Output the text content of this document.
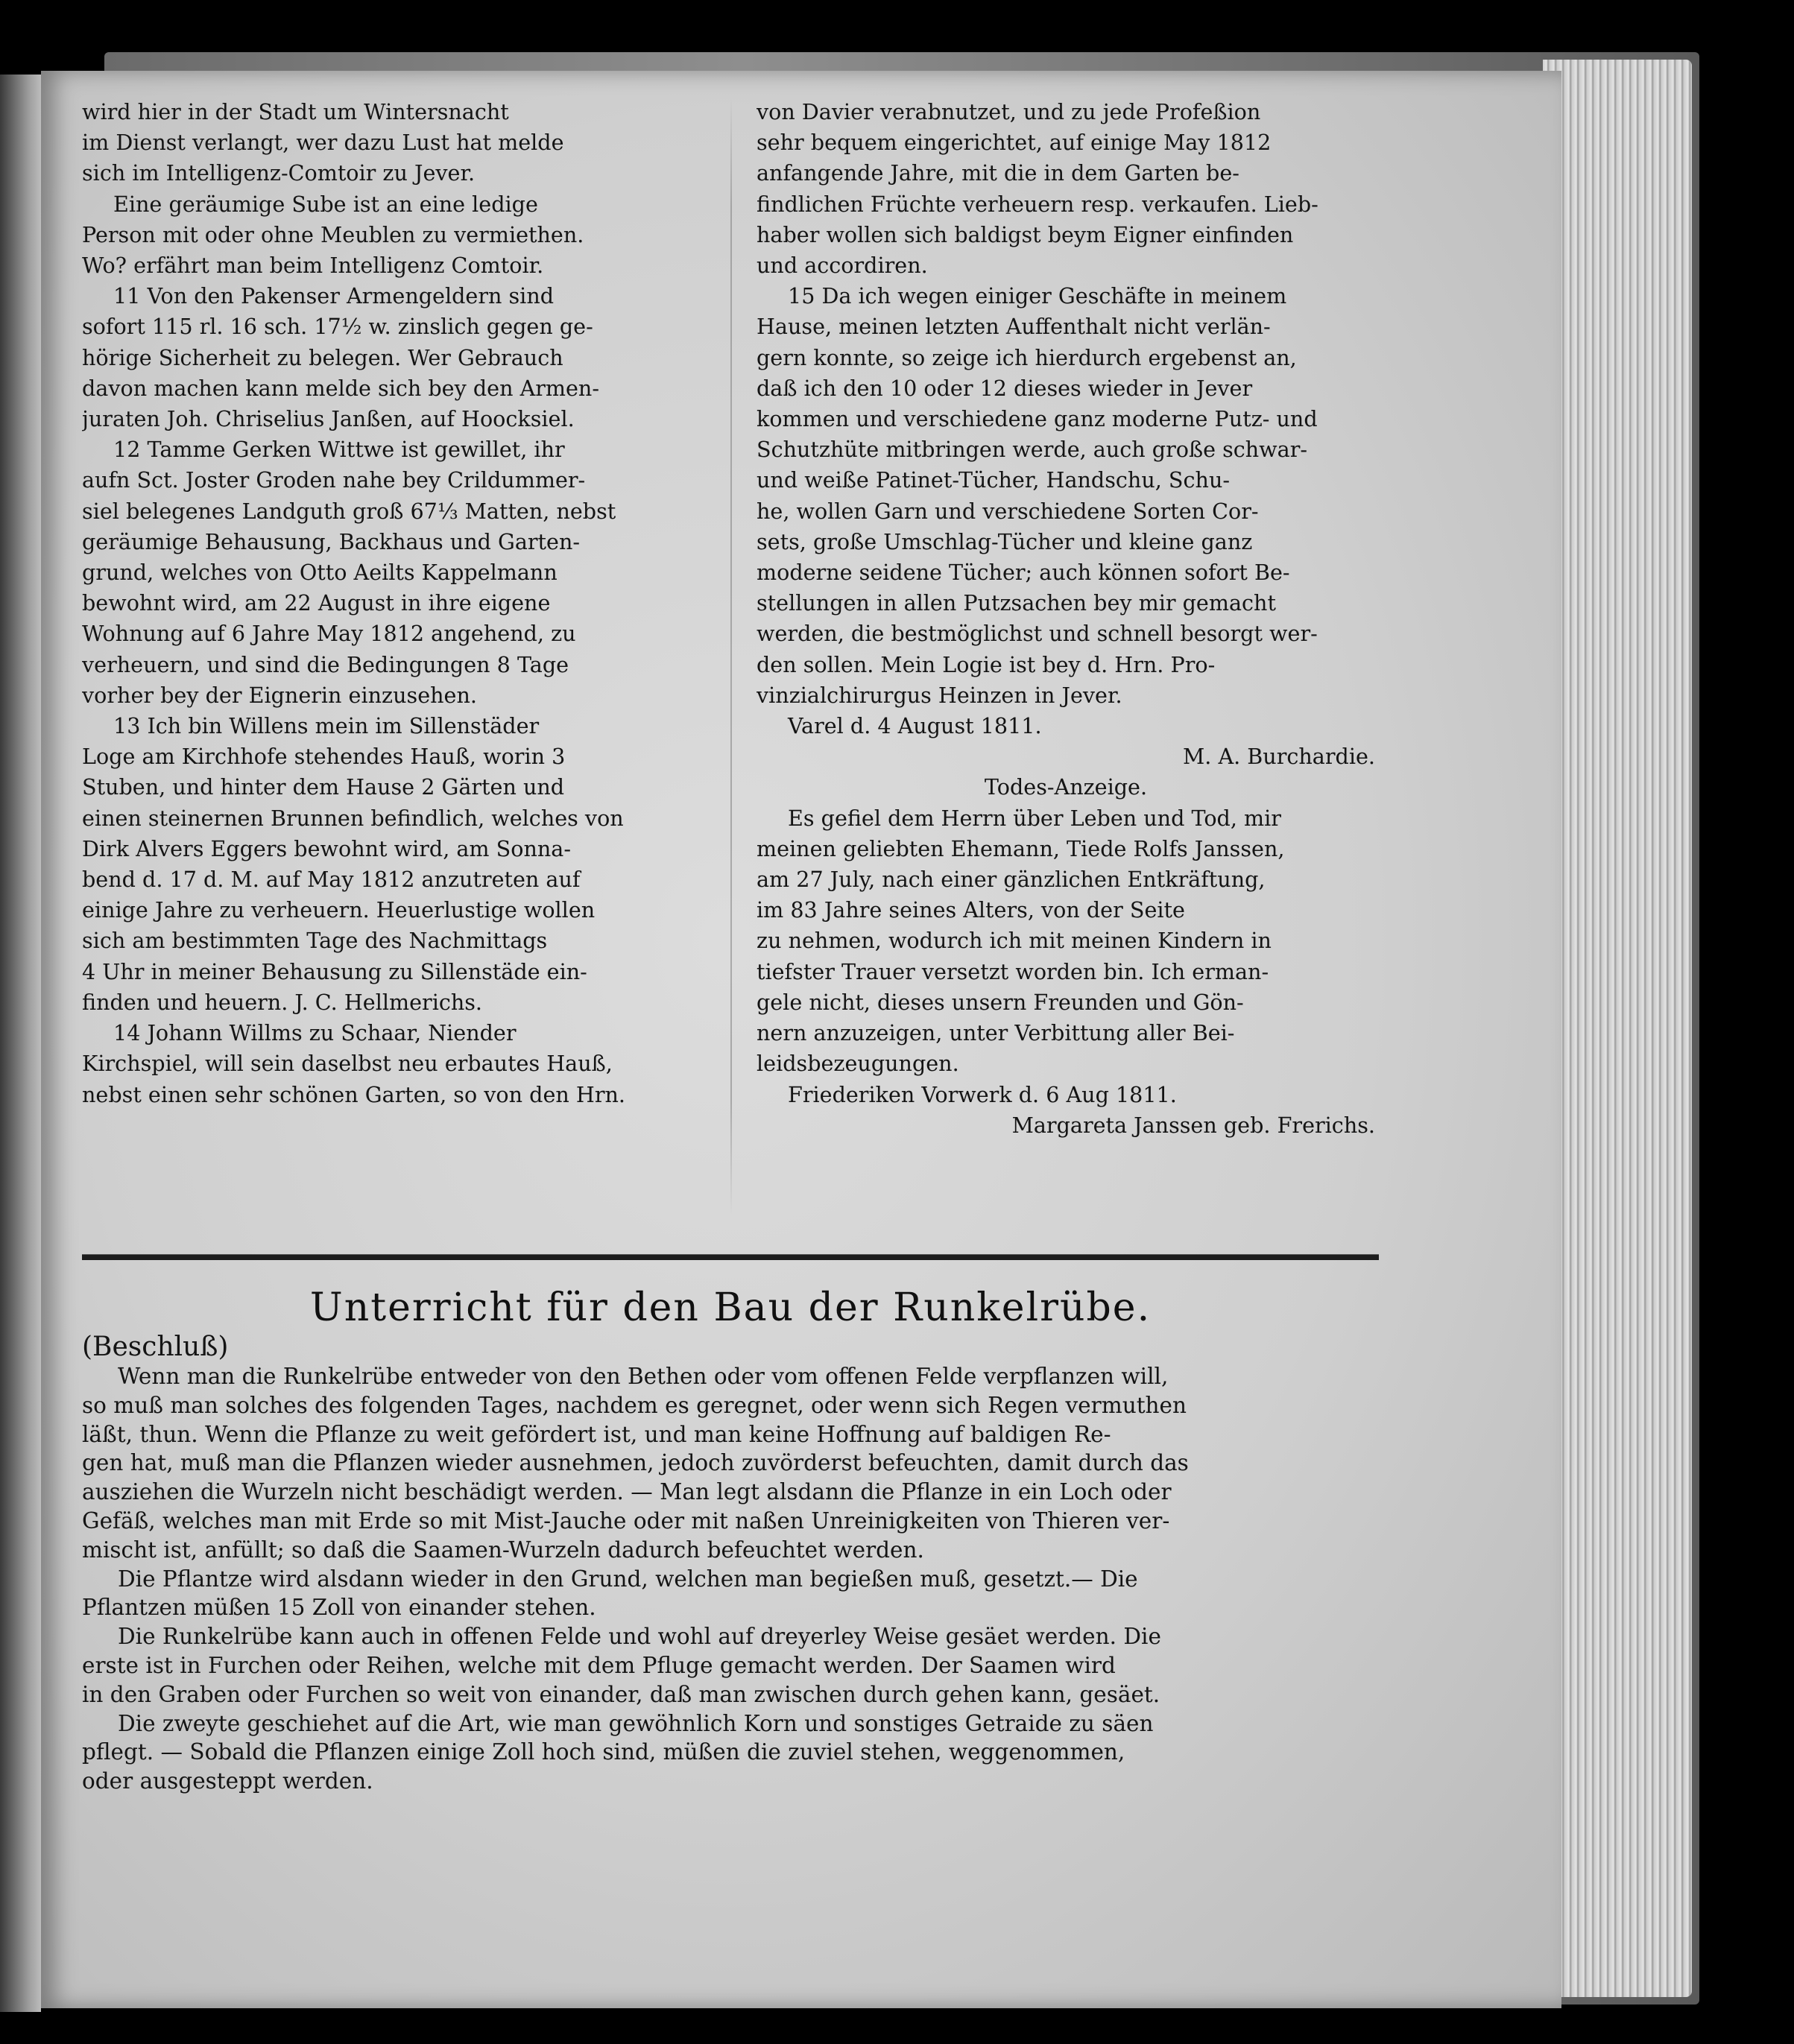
wird hier in der Stadt um Wintersnacht
im Dienst verlangt, wer dazu Lust hat melde
sich im Intelligenz-Comtoir zu Jever.
Eine geräumige Sube ist an eine ledige
Person mit oder ohne Meublen zu vermiethen.
Wo? erfährt man beim Intelligenz Comtoir.
11 Von den Pakenser Armengeldern sind
sofort 115 rl. 16 sch. 17½ w. zinslich gegen ge-
hörige Sicherheit zu belegen. Wer Gebrauch
davon machen kann melde sich bey den Armen-
juraten Joh. Chriselius Janßen, auf Hoocksiel.
12 Tamme Gerken Wittwe ist gewillet, ihr
aufn Sct. Joster Groden nahe bey Crildummer-
siel belegenes Landguth groß 67⅓ Matten, nebst
geräumige Behausung, Backhaus und Garten-
grund, welches von Otto Aeilts Kappelmann
bewohnt wird, am 22 August in ihre eigene
Wohnung auf 6 Jahre May 1812 angehend, zu
verheuern, und sind die Bedingungen 8 Tage
vorher bey der Eignerin einzusehen.
13 Ich bin Willens mein im Sillenstäder
Loge am Kirchhofe stehendes Hauß, worin 3
Stuben, und hinter dem Hause 2 Gärten und
einen steinernen Brunnen befindlich, welches von
Dirk Alvers Eggers bewohnt wird, am Sonna-
bend d. 17 d. M. auf May 1812 anzutreten auf
einige Jahre zu verheuern. Heuerlustige wollen
sich am bestimmten Tage des Nachmittags
4 Uhr in meiner Behausung zu Sillenstäde ein-
finden und heuern. J. C. Hellmerichs.
14 Johann Willms zu Schaar, Niender
Kirchspiel, will sein daselbst neu erbautes Hauß,
nebst einen sehr schönen Garten, so von den Hrn.
von Davier verabnutzet, und zu jede Profeßion
sehr bequem eingerichtet, auf einige May 1812
anfangende Jahre, mit die in dem Garten be-
findlichen Früchte verheuern resp. verkaufen. Lieb-
haber wollen sich baldigst beym Eigner einfinden
und accordiren.
15 Da ich wegen einiger Geschäfte in meinem
Hause, meinen letzten Auffenthalt nicht verlän-
gern konnte, so zeige ich hierdurch ergebenst an,
daß ich den 10 oder 12 dieses wieder in Jever
kommen und verschiedene ganz moderne Putz- und
Schutzhüte mitbringen werde, auch große schwar-
und weiße Patinet-Tücher, Handschu, Schu-
he, wollen Garn und verschiedene Sorten Cor-
sets, große Umschlag-Tücher und kleine ganz
moderne seidene Tücher; auch können sofort Be-
stellungen in allen Putzsachen bey mir gemacht
werden, die bestmöglichst und schnell besorgt wer-
den sollen. Mein Logie ist bey d. Hrn. Pro-
vinzialchirurgus Heinzen in Jever.
Varel d. 4 August 1811.
M. A. Burchardie.
Todes-Anzeige.
Es gefiel dem Herrn über Leben und Tod, mir
meinen geliebten Ehemann, Tiede Rolfs Janssen,
am 27 July, nach einer gänzlichen Entkräftung,
im 83 Jahre seines Alters, von der Seite
zu nehmen, wodurch ich mit meinen Kindern in
tiefster Trauer versetzt worden bin. Ich erman-
gele nicht, dieses unsern Freunden und Gön-
nern anzuzeigen, unter Verbittung aller Bei-
leidsbezeugungen.
Friederiken Vorwerk d. 6 Aug 1811.
Margareta Janssen geb. Frerichs.
Unterricht für den Bau der Runkelrübe.
(Beschluß)
Wenn man die Runkelrübe entweder von den Bethen oder vom offenen Felde verpflanzen will,
so muß man solches des folgenden Tages, nachdem es geregnet, oder wenn sich Regen vermuthen
läßt, thun. Wenn die Pflanze zu weit gefördert ist, und man keine Hoffnung auf baldigen Re-
gen hat, muß man die Pflanzen wieder ausnehmen, jedoch zuvörderst befeuchten, damit durch das
ausziehen die Wurzeln nicht beschädigt werden. — Man legt alsdann die Pflanze in ein Loch oder
Gefäß, welches man mit Erde so mit Mist-Jauche oder mit naßen Unreinigkeiten von Thieren ver-
mischt ist, anfüllt; so daß die Saamen-Wurzeln dadurch befeuchtet werden.
Die Pflantze wird alsdann wieder in den Grund, welchen man begießen muß, gesetzt.— Die
Pflantzen müßen 15 Zoll von einander stehen.
Die Runkelrübe kann auch in offenen Felde und wohl auf dreyerley Weise gesäet werden. Die
erste ist in Furchen oder Reihen, welche mit dem Pfluge gemacht werden. Der Saamen wird
in den Graben oder Furchen so weit von einander, daß man zwischen durch gehen kann, gesäet.
Die zweyte geschiehet auf die Art, wie man gewöhnlich Korn und sonstiges Getraide zu säen
pflegt. — Sobald die Pflanzen einige Zoll hoch sind, müßen die zuviel stehen, weggenommen,
oder ausgesteppt werden.
